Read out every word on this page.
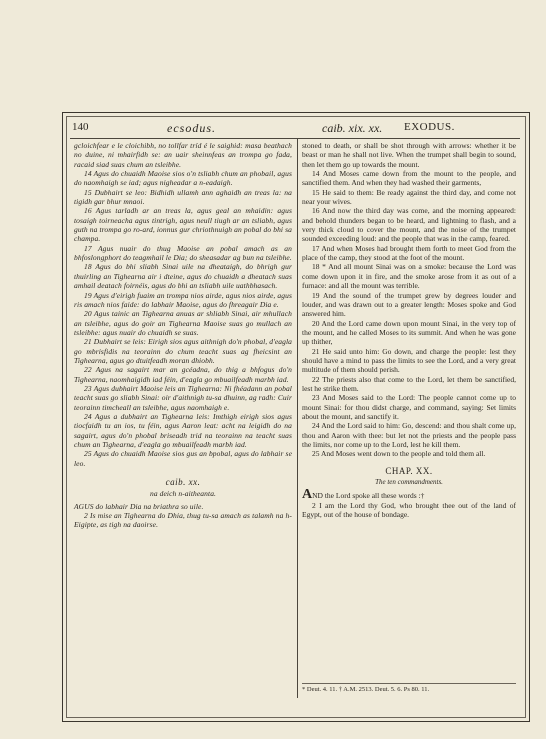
140	ecsodus.	caib. xix. xx. EXODUS.

gcloichfear e le cloichibh, no tollfar tríd é le saighid: masa beathach no duine, ni mhairfidh se: an uair sheinnfeas an trompa go fada, racaid siad suas chum an tsleibhe.

14 Agus do chuaidh Maoise sios o'n tsliabh chum an phobail, agus do naomhaigh se iad; agus nigheadar a n-eadaigh.

15 Dubhairt se leo: Bidhidh ullamh ann aghaidh an treas la: na tigidh gar bhur mnaoi.

16 Agus tarladh ar an treas la, agus geal an mhaidin: agus tosaigh toirneacha agus tintrigh, agus neull tiugh ar an tsliabh, agus guth na trompa go ro-ard, ionnus gur chriothnuigh an pobal do bhi sa champa.

17 Agus nuair do thug Maoise an pobal amach as an bhfoslongphort do teagmhail le Dia; do sheasadar ag bun na tsleibhe.

18 Agus do bhi sliabh Sinai uile na dheataigh, do bhrigh gur thuirling an Tighearna air i dteine, agus do chuaidh a dheatach suas amhail deatach foirnéis, agus do bhi an tsliabh uile uathbhasach.

19 Agus d'eirigh fuaim an trompa nios airde, agus nios airde, agus ris amach nios faide: do labhair Maoise, agus do fhreagair Dia e.

20 Agus tainic an Tighearna anuas ar shliabh Sinai, air mhullach an tsleibhe, agus do goir an Tighearna Maoise suas go mullach an tsleibhe: agus nuair do chuaidh se suas.

21 Dubhairt se leis: Eirigh sios agus aithnigh do'n phobal, d'eagla go mbrisfidis na teorainn do chum teacht suas ag fheicsint an Tighearna, agus go dtuitfeadh moran dhiobh.

22 Agus na sagairt mar an gcéadna, do thig a bhfogus do'n Tighearna, naomhaigidh iad féin, d'eagla go mbuailfeadh marbh iad.

23 Agus dubhairt Maoise leis an Tighearna: Ni fhéadann an pobal teacht suas go sliabh Sinai: oir d'aithnigh tu-sa dhuinn, ag radh: Cuir teorainn timcheall an tsleibhe, agus naomhaigh e.

24 Agus a dubhairt an Tighearna leis: Imthigh eirigh sios agus tiocfaidh tu an ios, tu féin, agus Aaron leat: acht na leigidh do na sagairt, agus do'n phobal briseadh trid na teorainn na teacht suas chum an Tighearna, d'eagla go mbuailfeadh marbh iad.

25 Agus do chuaidh Maoise sios gus an bpobal, agus do labhair se leo.

caib. xx.
na deich n-aitheanta.

AGUS do labhair Dia na briathra so uile.

2 Is mise an Tighearna do Dhia, thug tu-sa amach as talamh na h-Eigipte, as tigh na daoirse.

stoned to death, or shall be shot through with arrows: whether it be beast or man he shall not live. When the trumpet shall begin to sound, then let them go up towards the mount.

14 And Moses came down from the mount to the people, and sanctified them. And when they had washed their garments,

15 He said to them: Be ready against the third day, and come not near your wives.

16 And now the third day was come, and the morning appeared: and behold thunders began to be heard, and lightning to flash, and a very thick cloud to cover the mount, and the noise of the trumpet sounded exceeding loud: and the people that was in the camp, feared.

17 And when Moses had brought them forth to meet God from the place of the camp, they stood at the foot of the mount.

18 * And all mount Sinai was on a smoke: because the Lord was come down upon it in fire, and the smoke arose from it as out of a furnace: and all the mount was terrible.

19 And the sound of the trumpet grew by degrees louder and louder, and was drawn out to a greater length: Moses spoke and God answered him.

20 And the Lord came down upon mount Sinai, in the very top of the mount, and he called Moses to its summit. And when he was gone up thither,

21 He said unto him: Go down, and charge the people: lest they should have a mind to pass the limits to see the Lord, and a very great multitude of them should perish.

22 The priests also that come to the Lord, let them be sanctified, lest he strike them.

23 And Moses said to the Lord: The people cannot come up to mount Sinai: for thou didst charge, and command, saying: Set limits about the mount, and sanctify it.

24 And the Lord said to him: Go, descend: and thou shalt come up, thou and Aaron with thee: but let not the priests and the people pass the limits, nor come up to the Lord, lest he kill them.

25 And Moses went down to the people and told them all.

CHAP. XX.
The ten commandments.

AND the Lord spoke all these words :†

2 I am the Lord thy God, who brought thee out of the land of Egypt, out of the house of bondage.

* Deut. 4. 11. † A.M. 2513. Deut. 5. 6. Ps 80. 11.
